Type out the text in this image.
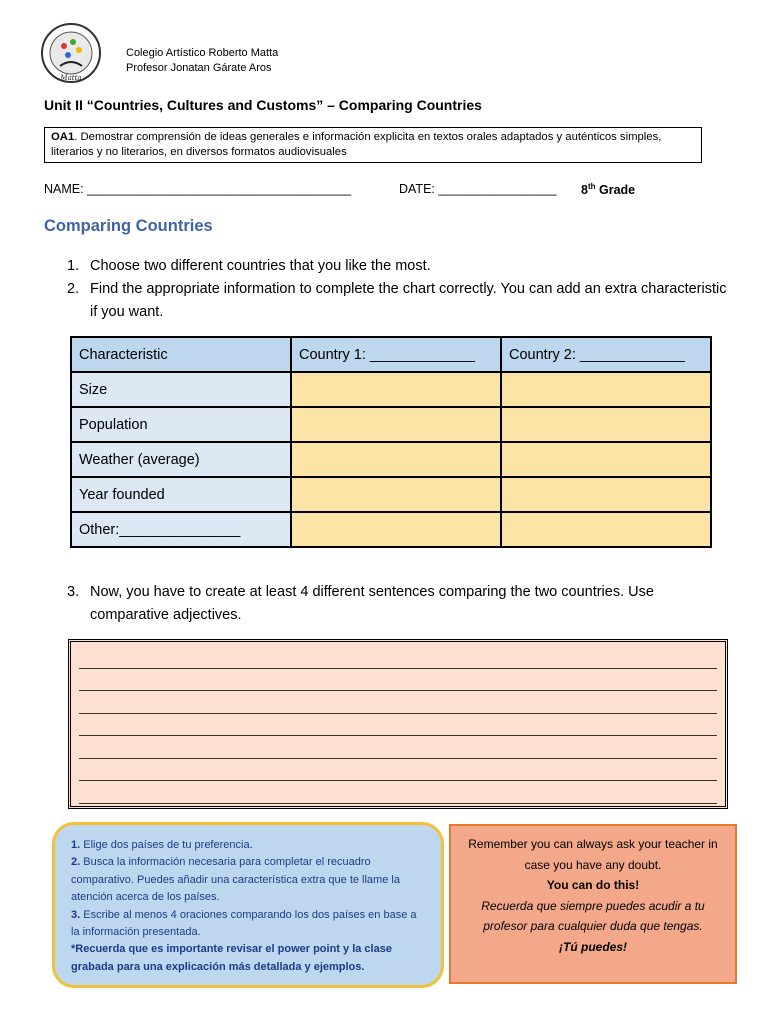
Matta
Colegio Artístico Roberto Matta
Profesor Jonatan Gárate Aros
Unit II “Countries, Cultures and Customs” – Comparing Countries
OA1. Demostrar comprensión de ideas generales e información explicita en textos orales adaptados y auténticos simples, literarios y no literarios, en diversos formatos audiovisuales
NAME: ______________________________________	DATE: _________________ 8th Grade
Comparing Countries
1. Choose two different countries that you like the most.
2. Find the appropriate information to complete the chart correctly. You can add an extra characteristic if you want.
Characteristic	Country 1: _____________	Country 2: _____________
Size		
Population		
Weather (average)		
Year founded		
Other:_______________		
3. Now, you have to create at least 4 different sentences comparing the two countries. Use comparative adjectives.
1. Elige dos países de tu preferencia.
2. Busca la información necesaria para completar el recuadro comparativo. Puedes añadir una característica extra que te llame la atención acerca de los países.
3. Escribe al menos 4 oraciones comparando los dos países en base a la información presentada.
*Recuerda que es importante revisar el power point y la clase grabada para una explicación más detallada y ejemplos.
Remember you can always ask your teacher in case you have any doubt.
You can do this!
Recuerda que siempre puedes acudir a tu profesor para cualquier duda que tengas.
¡Tú puedes!
